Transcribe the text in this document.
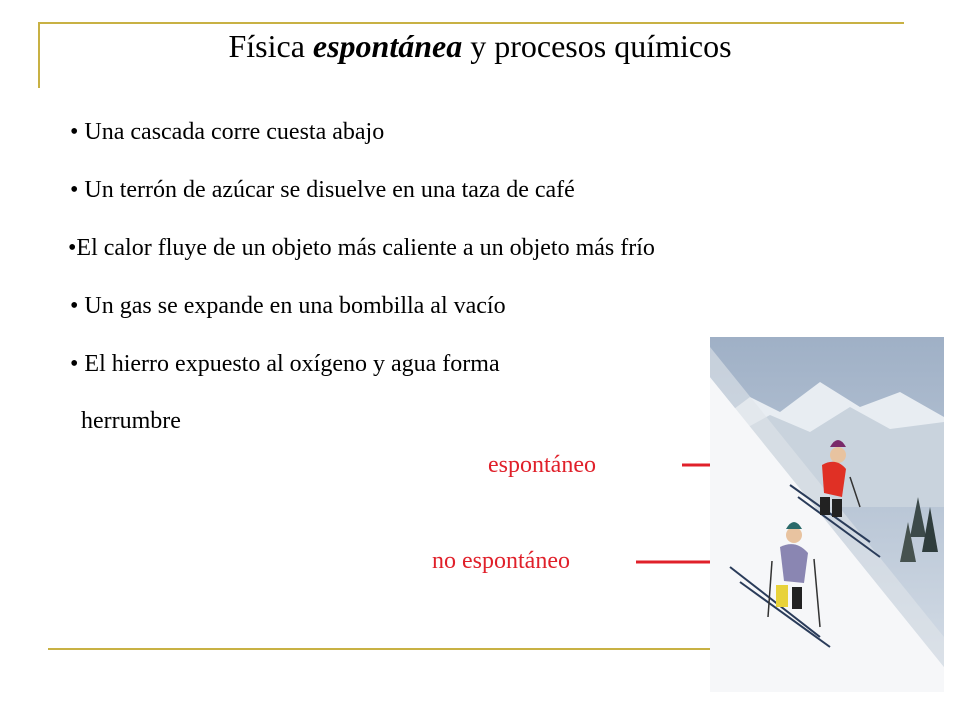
Física espontánea y procesos químicos
• Una cascada corre cuesta abajo
• Un terrón de azúcar se disuelve en una taza de café
•El calor fluye de un objeto más caliente a un objeto más frío
• Un gas se expande en una bombilla al vacío
• El hierro expuesto al oxígeno y agua forma
herrumbre
espontáneo
no espontáneo
